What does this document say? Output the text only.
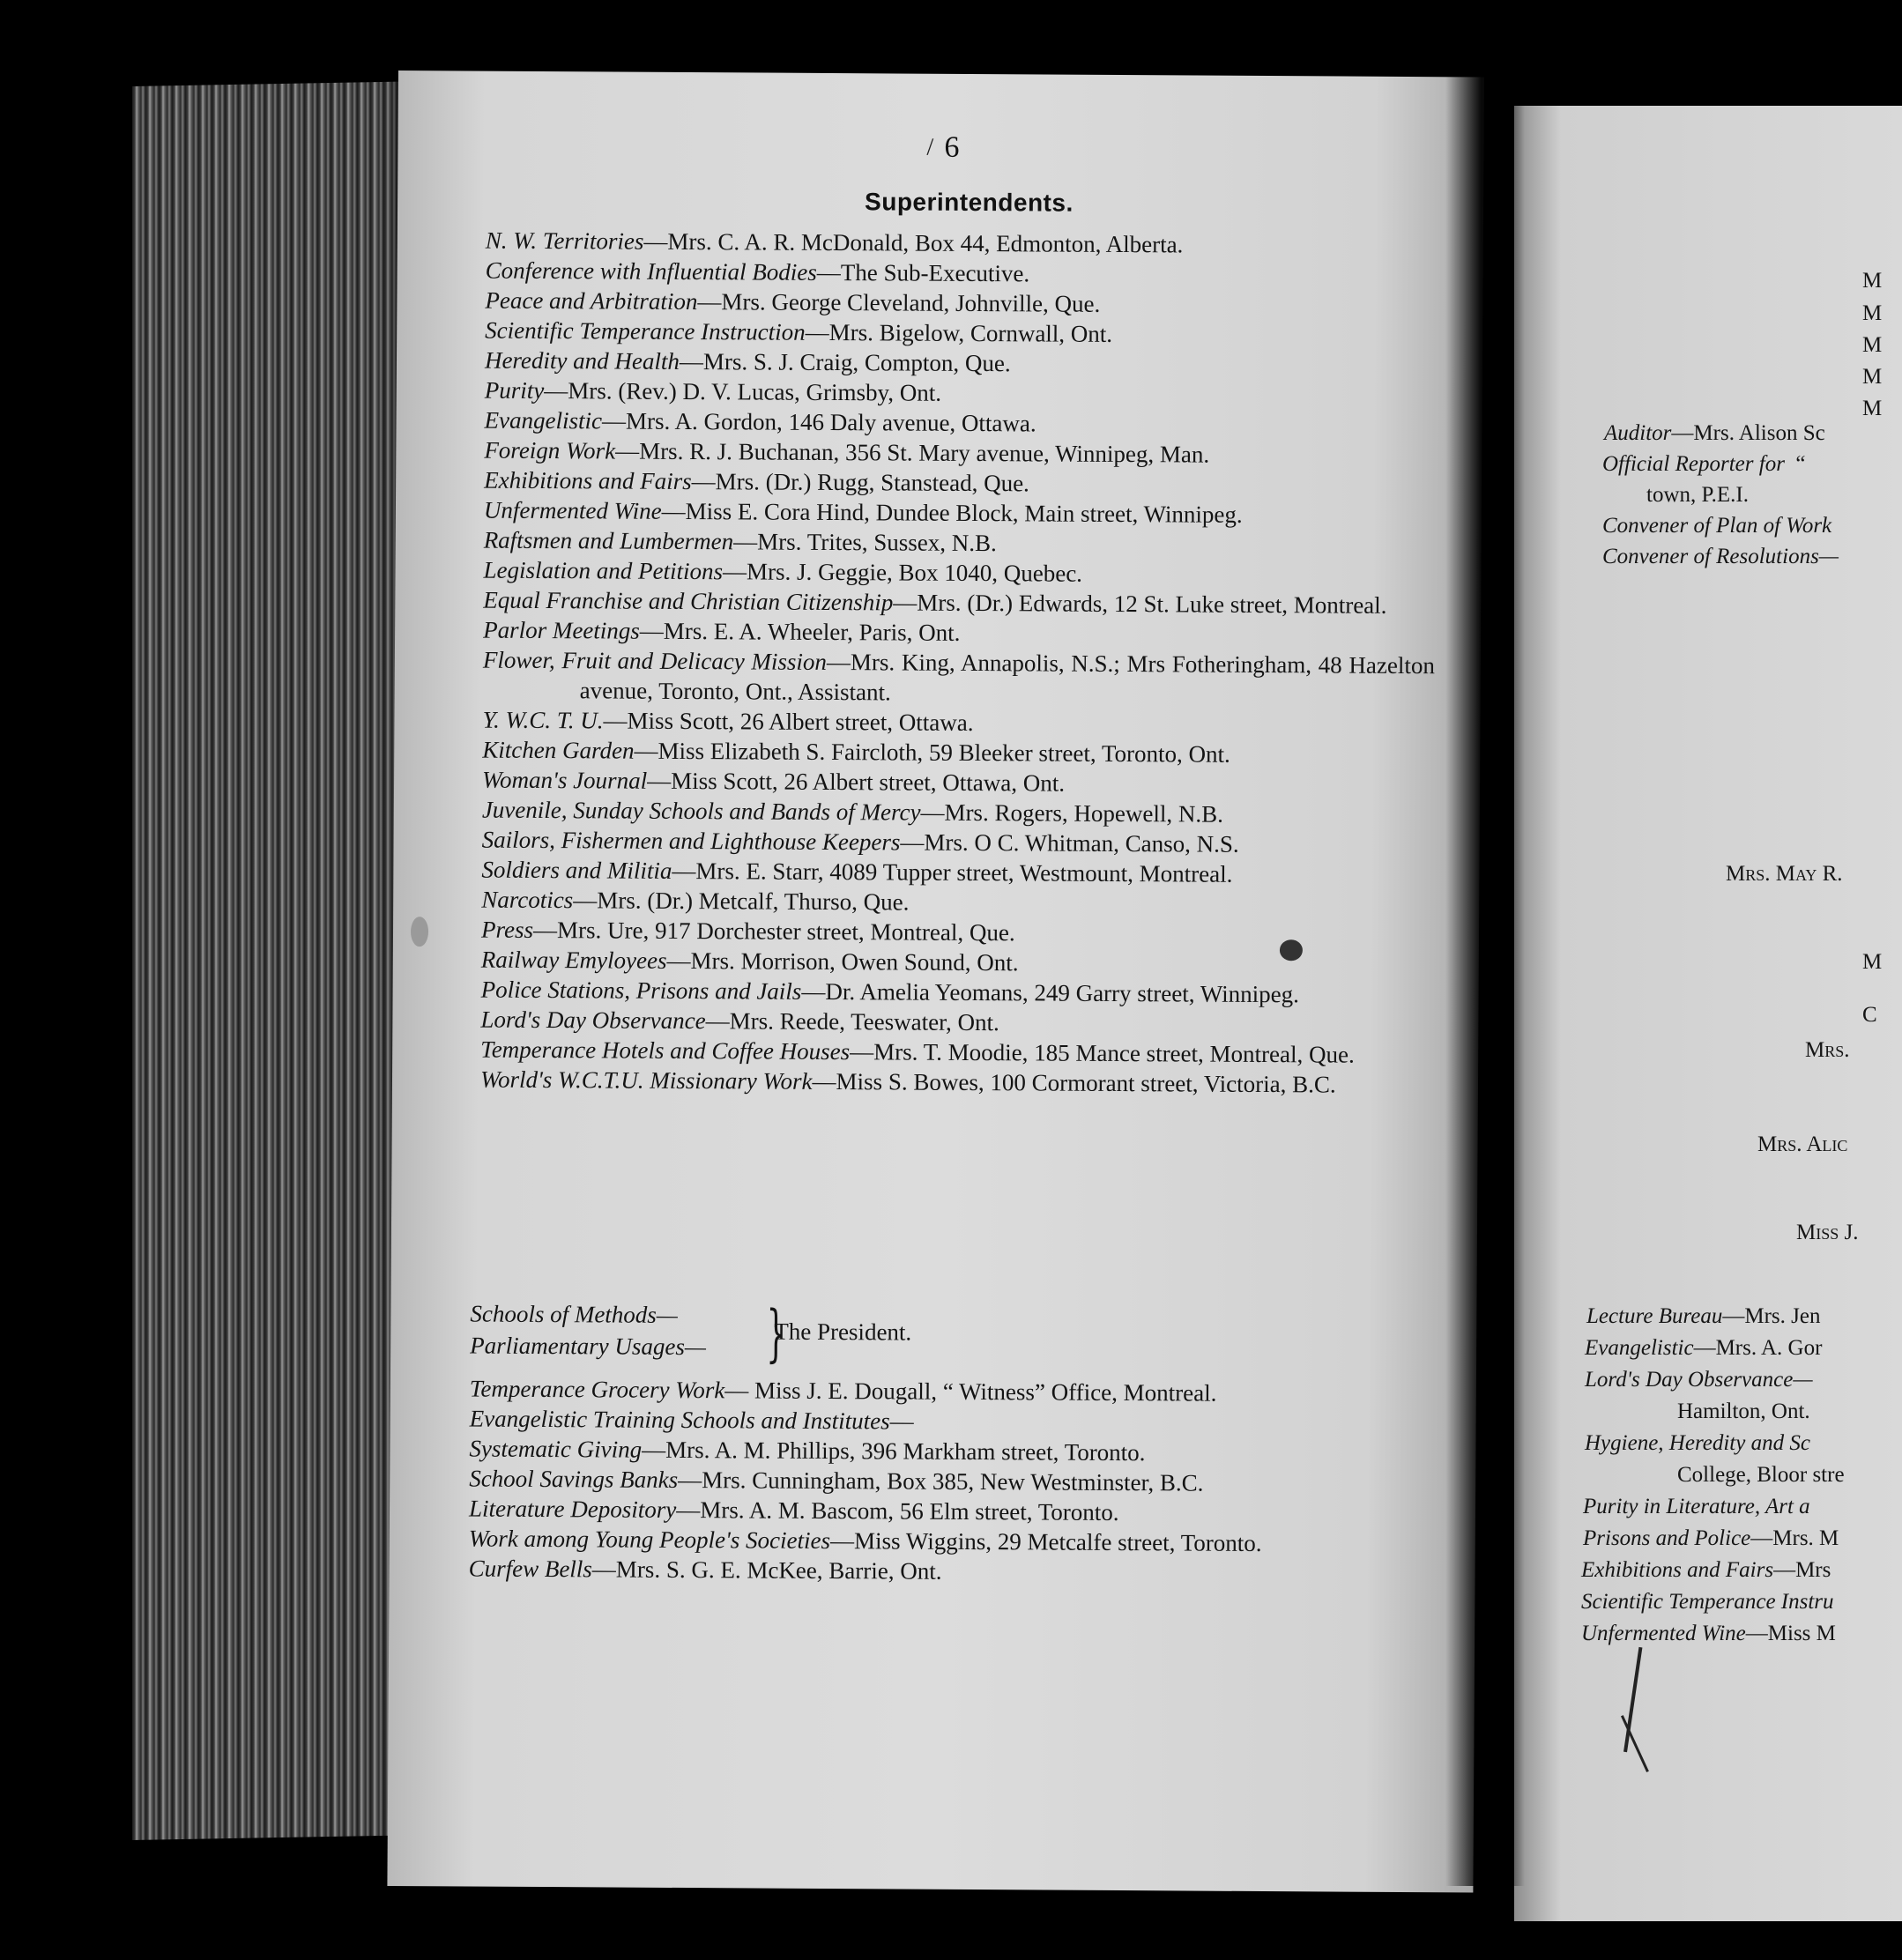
M
M
M
M
M
Auditor—Mrs. Alison Sc
Official Reporter for “
town, P.E.I.
Convener of Plan of Work
Convener of Resolutions—
Mrs. May R.
M
C
Mrs.
Mrs. Alic
Miss J.
Lecture Bureau—Mrs. Jen
Evangelistic—Mrs. A. Gor
Lord's Day Observance—
Hamilton, Ont.
Hygiene, Heredity and Sc
College, Bloor stre
Purity in Literature, Art a
Prisons and Police—Mrs. M
Exhibitions and Fairs—Mrs
Scientific Temperance Instru
Unfermented Wine—Miss M
/ 6
Superintendents.
N. W. Territories—Mrs. C. A. R. McDonald, Box 44, Edmonton, Alberta.
Conference with Influential Bodies—The Sub-Executive.
Peace and Arbitration—Mrs. George Cleveland, Johnville, Que.
Scientific Temperance Instruction—Mrs. Bigelow, Cornwall, Ont.
Heredity and Health—Mrs. S. J. Craig, Compton, Que.
Purity—Mrs. (Rev.) D. V. Lucas, Grimsby, Ont.
Evangelistic—Mrs. A. Gordon, 146 Daly avenue, Ottawa.
Foreign Work—Mrs. R. J. Buchanan, 356 St. Mary avenue, Winnipeg, Man.
Exhibitions and Fairs—Mrs. (Dr.) Rugg, Stanstead, Que.
Unfermented Wine—Miss E. Cora Hind, Dundee Block, Main street, Winnipeg.
Raftsmen and Lumbermen—Mrs. Trites, Sussex, N.B.
Legislation and Petitions—Mrs. J. Geggie, Box 1040, Quebec.
Equal Franchise and Christian Citizenship—Mrs. (Dr.) Edwards, 12 St. Luke street, Montreal.
Parlor Meetings—Mrs. E. A. Wheeler, Paris, Ont.
Flower, Fruit and Delicacy Mission—Mrs. King, Annapolis, N.S.; Mrs Fotheringham, 48 Hazelton avenue, Toronto, Ont., Assistant.
Y. W.C. T. U.—Miss Scott, 26 Albert street, Ottawa.
Kitchen Garden—Miss Elizabeth S. Faircloth, 59 Bleeker street, Toronto, Ont.
Woman's Journal—Miss Scott, 26 Albert street, Ottawa, Ont.
Juvenile, Sunday Schools and Bands of Mercy—Mrs. Rogers, Hopewell, N.B.
Sailors, Fishermen and Lighthouse Keepers—Mrs. O C. Whitman, Canso, N.S.
Soldiers and Militia—Mrs. E. Starr, 4089 Tupper street, Westmount, Montreal.
Narcotics—Mrs. (Dr.) Metcalf, Thurso, Que.
Press—Mrs. Ure, 917 Dorchester street, Montreal, Que.
Railway Emyloyees—Mrs. Morrison, Owen Sound, Ont.
Police Stations, Prisons and Jails—Dr. Amelia Yeomans, 249 Garry street, Winnipeg.
Lord's Day Observance—Mrs. Reede, Teeswater, Ont.
Temperance Hotels and Coffee Houses—Mrs. T. Moodie, 185 Mance street, Montreal, Que.
World's W.C.T.U. Missionary Work—Miss S. Bowes, 100 Cormorant street, Victoria, B.C.
Schools of Methods—
Parliamentary Usages— }
The President.
Temperance Grocery Work— Miss J. E. Dougall, “ Witness” Office, Montreal.
Evangelistic Training Schools and Institutes—
Systematic Giving—Mrs. A. M. Phillips, 396 Markham street, Toronto.
School Savings Banks—Mrs. Cunningham, Box 385, New Westminster, B.C.
Literature Depository—Mrs. A. M. Bascom, 56 Elm street, Toronto.
Work among Young People's Societies—Miss Wiggins, 29 Metcalfe street, Toronto.
Curfew Bells—Mrs. S. G. E. McKee, Barrie, Ont.
